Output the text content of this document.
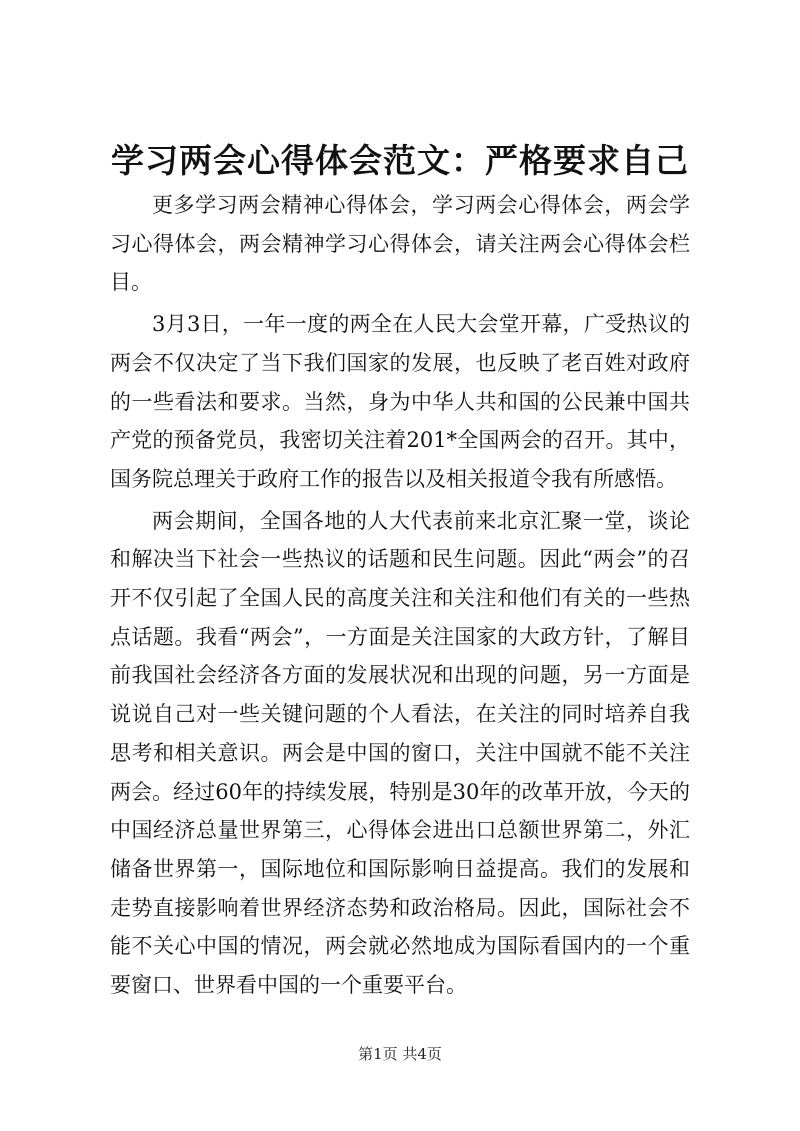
学习两会心得体会范文：严格要求自己

更多学习两会精神心得体会，学习两会心得体会，两会学习心得体会，两会精神学习心得体会，请关注两会心得体会栏目。

3月3日，一年一度的两全在人民大会堂开幕，广受热议的两会不仅决定了当下我们国家的发展，也反映了老百姓对政府的一些看法和要求。当然，身为中华人共和国的公民兼中国共产党的预备党员，我密切关注着201*全国两会的召开。其中，国务院总理关于政府工作的报告以及相关报道令我有所感悟。

两会期间，全国各地的人大代表前来北京汇聚一堂，谈论和解决当下社会一些热议的话题和民生问题。因此“两会”的召开不仅引起了全国人民的高度关注和关注和他们有关的一些热点话题。我看“两会”，一方面是关注国家的大政方针，了解目前我国社会经济各方面的发展状况和出现的问题，另一方面是说说自己对一些关键问题的个人看法，在关注的同时培养自我思考和相关意识。两会是中国的窗口，关注中国就不能不关注两会。经过60年的持续发展，特别是30年的改革开放，今天的中国经济总量世界第三，心得体会进出口总额世界第二，外汇储备世界第一，国际地位和国际影响日益提高。我们的发展和走势直接影响着世界经济态势和政治格局。因此，国际社会不能不关心中国的情况，两会就必然地成为国际看国内的一个重要窗口、世界看中国的一个重要平台。

第1页 共4页
